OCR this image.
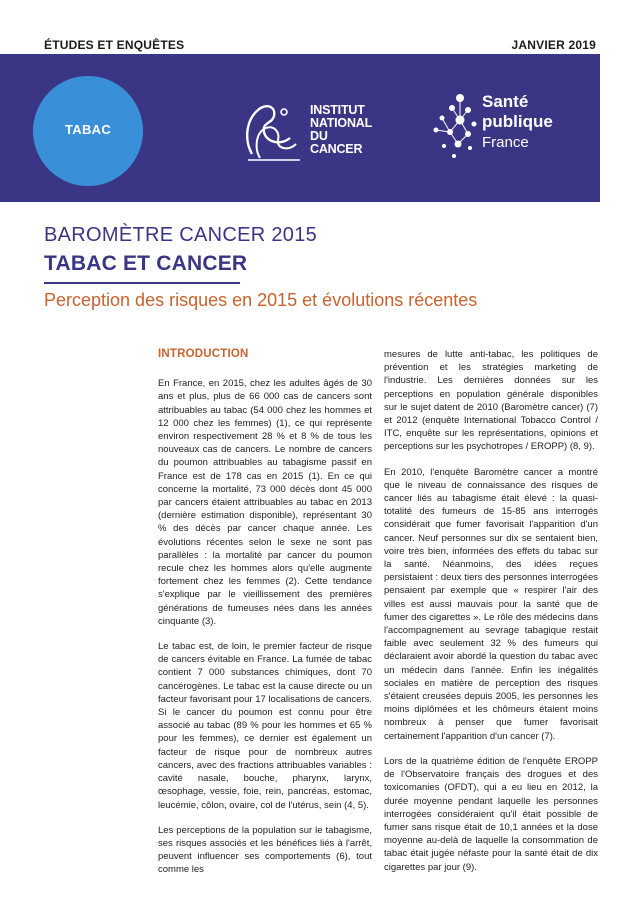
ÉTUDES ET ENQUÊTES	JANVIER 2019
TABAC
INSTITUT
NATIONAL
DU CANCER
Santé
publique
France
BAROMÈTRE CANCER 2015
TABAC ET CANCER
Perception des risques en 2015 et évolutions récentes
INTRODUCTION

En France, en 2015, chez les adultes âgés de 30 ans et plus, plus de 66 000 cas de cancers sont attribuables au tabac (54 000 chez les hommes et 12 000 chez les femmes) (1), ce qui représente environ respectivement 28 % et 8 % de tous les nouveaux cas de cancers. Le nombre de cancers du poumon attribuables au tabagisme passif en France est de 178 cas en 2015 (1). En ce qui concerne la mortalité, 73 000 décès dont 45 000 par cancers étaient attribuables au tabac en 2013 (dernière estimation disponible), représentant 30 % des décès par cancer chaque année. Les évolutions récentes selon le sexe ne sont pas parallèles : la mortalité par cancer du poumon recule chez les hommes alors qu'elle augmente fortement chez les femmes (2). Cette tendance s'explique par le vieillissement des premières générations de fumeuses nées dans les années cinquante (3).

Le tabac est, de loin, le premier facteur de risque de cancers évitable en France. La fumée de tabac contient 7 000 substances chimiques, dont 70 cancérogènes. Le tabac est la cause directe ou un facteur favorisant pour 17 localisations de cancers. Si le cancer du poumon est connu pour être associé au tabac (89 % pour les hommes et 65 % pour les femmes), ce dernier est également un facteur de risque pour de nombreux autres cancers, avec des fractions attribuables variables : cavité nasale, bouche, pharynx, larynx, œsophage, vessie, foie, rein, pancréas, estomac, leucémie, côlon, ovaire, col de l'utérus, sein (4, 5).

Les perceptions de la population sur le tabagisme, ses risques associés et les bénéfices liés à l'arrêt, peuvent influencer ses comportements (6), tout comme les

mesures de lutte anti-tabac, les politiques de prévention et les stratégies marketing de l'industrie. Les dernières données sur les perceptions en population générale disponibles sur le sujet datent de 2010 (Baromètre cancer) (7) et 2012 (enquête International Tobacco Control / ITC, enquête sur les représentations, opinions et perceptions sur les psychotropes / EROPP) (8, 9).

En 2010, l'enquête Baromètre cancer a montré que le niveau de connaissance des risques de cancer liés au tabagisme était élevé : la quasi-totalité des fumeurs de 15-85 ans interrogés considérait que fumer favorisait l'apparition d'un cancer. Neuf personnes sur dix se sentaient bien, voire très bien, informées des effets du tabac sur la santé. Néanmoins, des idées reçues persistaient : deux tiers des personnes interrogées pensaient par exemple que « respirer l'air des villes est aussi mauvais pour la santé que de fumer des cigarettes ». Le rôle des médecins dans l'accompagnement au sevrage tabagique restait faible avec seulement 32 % des fumeurs qui déclaraient avoir abordé la question du tabac avec un médecin dans l'année. Enfin les inégalités sociales en matière de perception des risques s'étaient creusées depuis 2005, les personnes les moins diplômées et les chômeurs étaient moins nombreux à penser que fumer favorisait certainement l'apparition d'un cancer (7).

Lors de la quatrième édition de l'enquête EROPP de l'Observatoire français des drogues et des toxicomanies (OFDT), qui a eu lieu en 2012, la durée moyenne pendant laquelle les personnes interrogées considéraient qu'il était possible de fumer sans risque était de 10,1 années et la dose moyenne au-delà de laquelle la consommation de tabac était jugée néfaste pour la santé était de dix cigarettes par jour (9).
